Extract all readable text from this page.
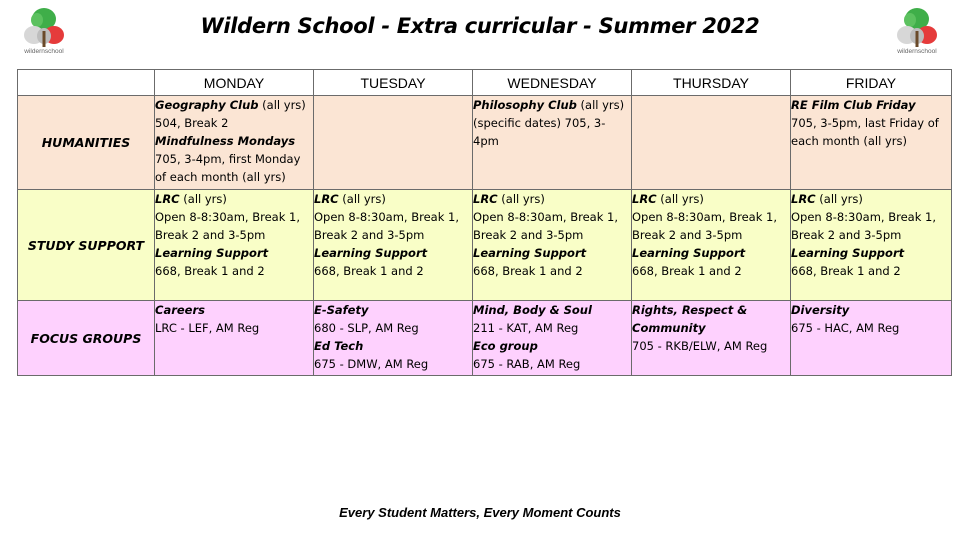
wildernschool	wildernschool
Wildern School - Extra curricular - Summer 2022
	MONDAY	TUESDAY	WEDNESDAY	THURSDAY	FRIDAY
HUMANITIES	Geography Club (all yrs)
504, Break 2
Mindfulness Mondays
705, 3-4pm, first Monday of each month (all yrs)		Philosophy Club (all yrs)
(specific dates) 705, 3-4pm		RE Film Club Friday
705, 3-5pm, last Friday of each month (all yrs)
STUDY SUPPORT	LRC (all yrs)
Open 8-8:30am, Break 1, Break 2 and 3-5pm
Learning Support
668, Break 1 and 2	LRC (all yrs)
Open 8-8:30am, Break 1, Break 2 and 3-5pm
Learning Support
668, Break 1 and 2	LRC (all yrs)
Open 8-8:30am, Break 1, Break 2 and 3-5pm
Learning Support
668, Break 1 and 2	LRC (all yrs)
Open 8-8:30am, Break 1, Break 2 and 3-5pm
Learning Support
668, Break 1 and 2	LRC (all yrs)
Open 8-8:30am, Break 1, Break 2 and 3-5pm
Learning Support
668, Break 1 and 2
FOCUS GROUPS	Careers
LRC - LEF, AM Reg	E-Safety
680 - SLP, AM Reg
Ed Tech
675 - DMW, AM Reg	Mind, Body & Soul
211 - KAT, AM Reg
Eco group
675 - RAB, AM Reg	Rights, Respect & Community
705 - RKB/ELW, AM Reg	Diversity
675 - HAC, AM Reg
Every Student Matters, Every Moment Counts
